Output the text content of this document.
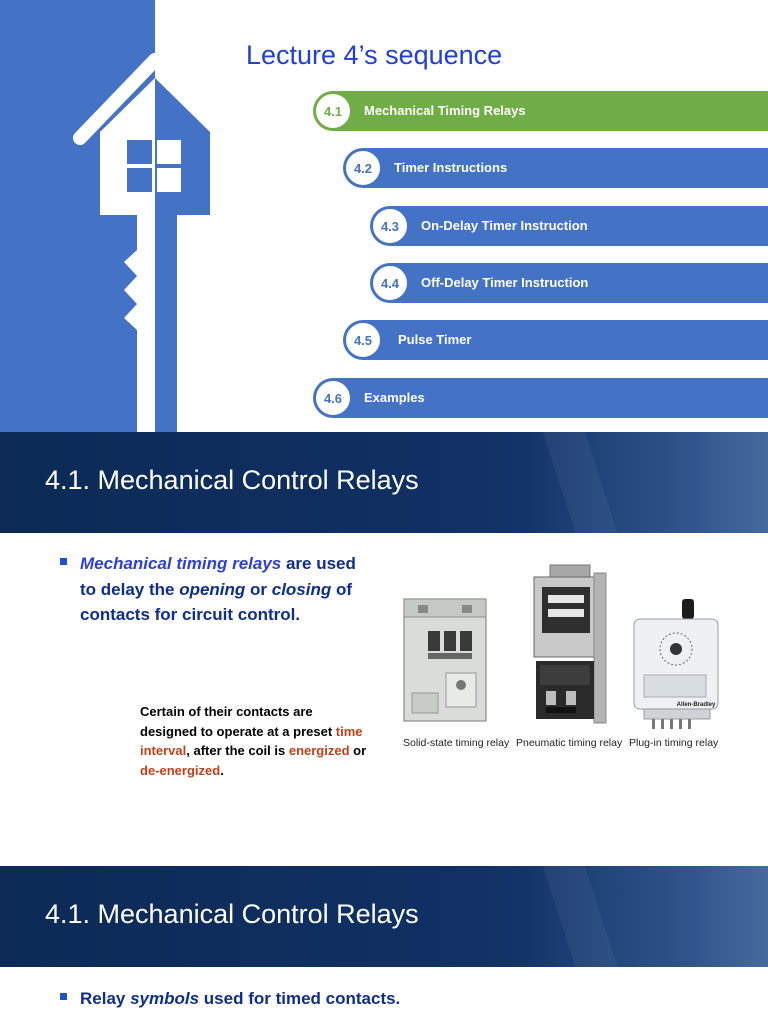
Lecture 4’s sequence
4.1	Mechanical Timing Relays
4.2	Timer Instructions
4.3	On-Delay Timer Instruction
4.4	Off-Delay Timer Instruction
4.5	Pulse Timer
4.6	Examples
4.1. Mechanical Control Relays
Mechanical timing relays are used to delay the opening or closing of contacts for circuit control.
Certain of their contacts are designed to operate at a preset time interval, after the coil is energized or de-energized.
Allen-Bradley
Solid-state timing relay Pneumatic timing relay Plug-in timing relay
4.1. Mechanical Control Relays
Relay symbols used for timed contacts.
